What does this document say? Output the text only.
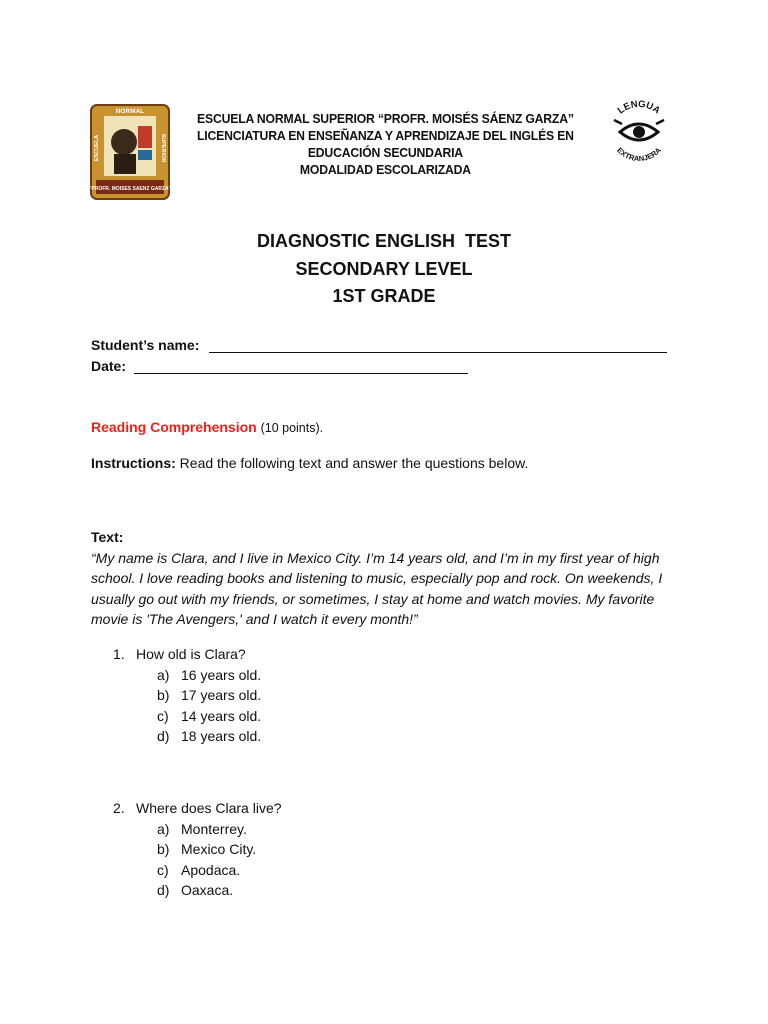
NORMAL
ESCUELA	SUPERIOR
"PROFR. MOISES SAENZ GARZA"
ESCUELA NORMAL SUPERIOR “PROFR. MOISÉS SÁENZ GARZA”
LICENCIATURA EN ENSEÑANZA Y APRENDIZAJE DEL INGLÉS EN
EDUCACIÓN SECUNDARIA
MODALIDAD ESCOLARIZADA
LENGUA
EXTRANJERA
DIAGNOSTIC ENGLISH  TEST
SECONDARY LEVEL
1ST GRADE
Student’s name:
Date:
Reading Comprehension (10 points).
Instructions: Read the following text and answer the questions below.
Text:
“My name is Clara, and I live in Mexico City. I’m 14 years old, and I’m in my first year of high school. I love reading books and listening to music, especially pop and rock. On weekends, I usually go out with my friends, or sometimes, I stay at home and watch movies. My favorite movie is 'The Avengers,' and I watch it every month!”
1. How old is Clara?
a) 16 years old.
b) 17 years old.
c) 14 years old.
d) 18 years old.
2. Where does Clara live?
a) Monterrey.
b) Mexico City.
c) Apodaca.
d) Oaxaca.
